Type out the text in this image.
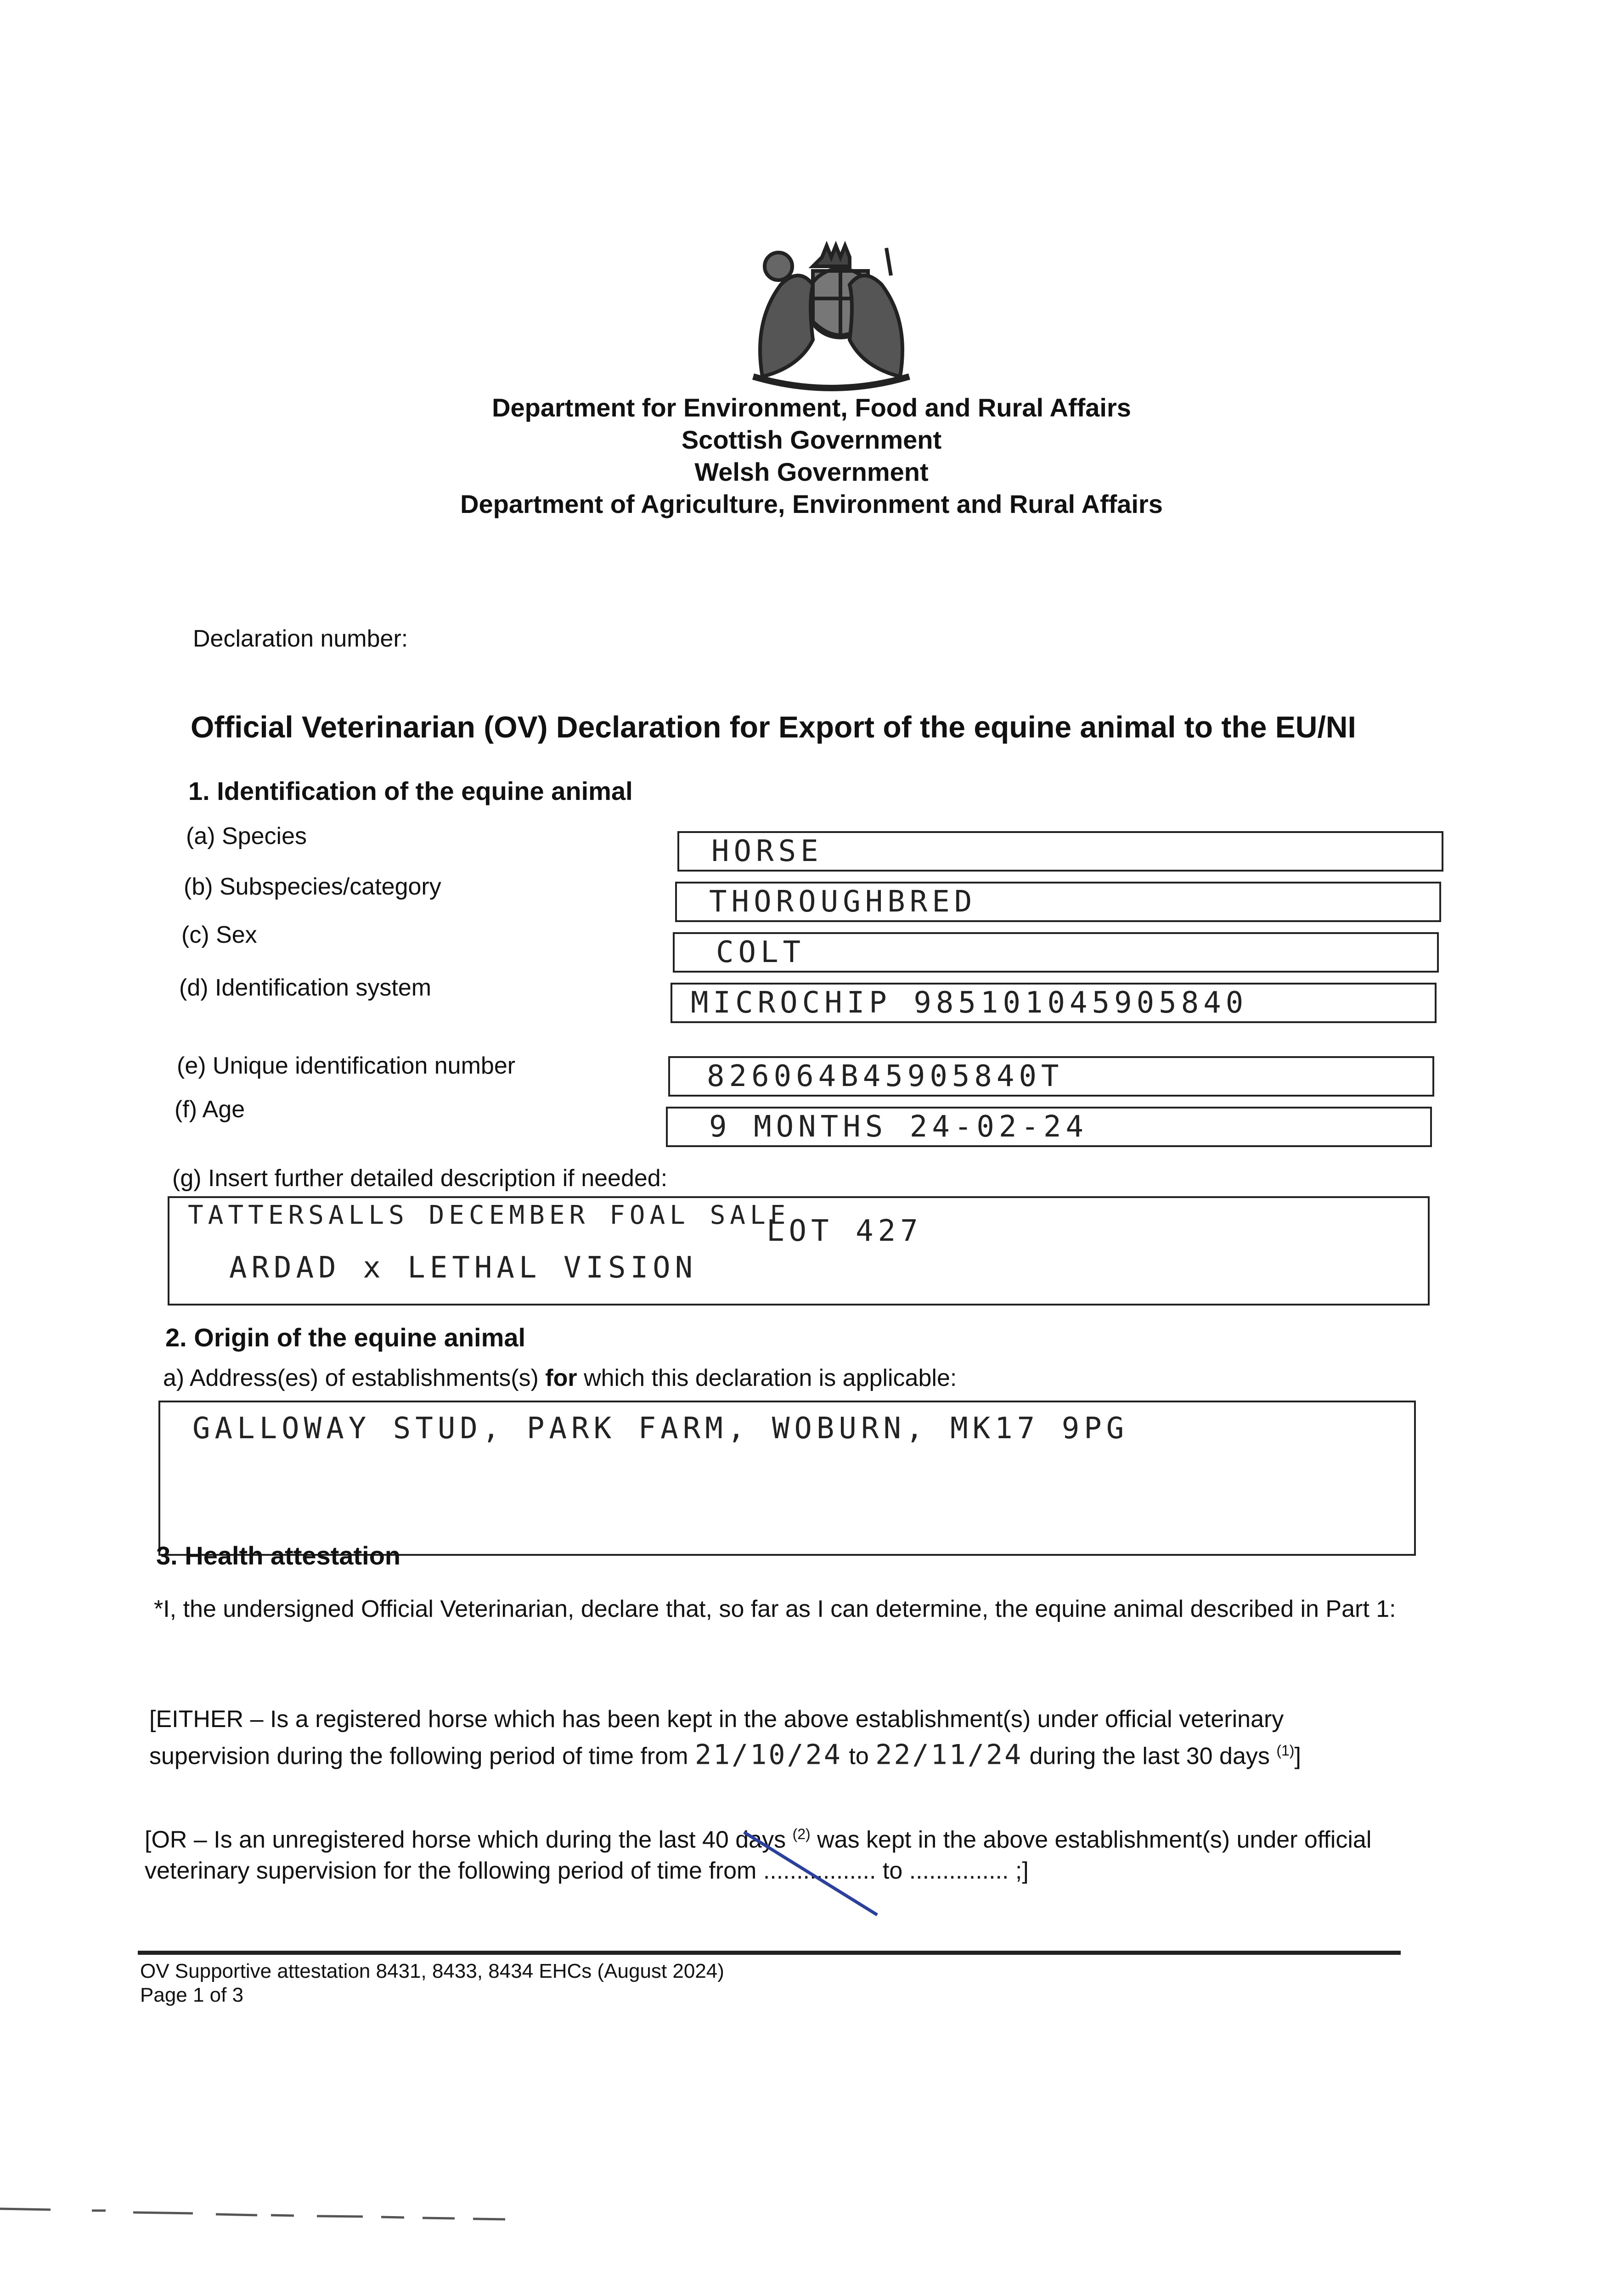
Department for Environment, Food and Rural Affairs
Scottish Government
Welsh Government
Department of Agriculture, Environment and Rural Affairs
Declaration number:
Official Veterinarian (OV) Declaration for Export of the equine animal to the EU/NI
1. Identification of the equine animal
(a) Species
(b) Subspecies/category
(c) Sex
(d) Identification system
(e) Unique identification number
(f) Age
HORSE
THOROUGHBRED
COLT
MICROCHIP 985101045905840
826064B45905840T
9 MONTHS 24-02-24
(g) Insert further detailed description if needed:
TATTERSALLS DECEMBER FOAL SALE
LOT 427
ARDAD x LETHAL VISION
2. Origin of the equine animal
a) Address(es) of establishments(s) for which this declaration is applicable:
GALLOWAY STUD, PARK FARM, WOBURN, MK17 9PG
3. Health attestation
*I, the undersigned Official Veterinarian, declare that, so far as I can determine, the equine animal described in Part 1:
[EITHER – Is a registered horse which has been kept in the above establishment(s) under official veterinary supervision during the following period of time from 21/10/24 to 22/11/24 during the last 30 days $^{(1)}$]
[OR – Is an unregistered horse which during the last 40 days $^{(2)}$ was kept in the above establishment(s) under official veterinary supervision for the following period of time from ................. to ............... ;]
OV Supportive attestation 8431, 8433, 8434 EHCs (August 2024)
Page 1 of 3
